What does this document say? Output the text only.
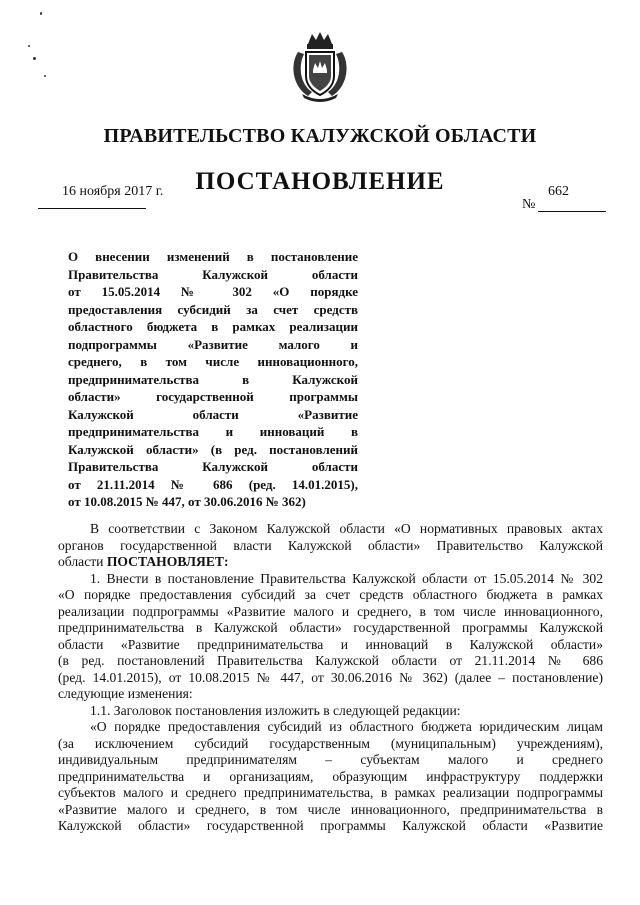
ПРАВИТЕЛЬСТВО КАЛУЖСКОЙ ОБЛАСТИ
ПОСТАНОВЛЕНИЕ
16 ноября 2017 г.	662
№
О внесении изменений в постановление
Правительства Калужской области
от 15.05.2014 № 302 «О порядке
предоставления субсидий за счет средств
областного бюджета в рамках реализации
подпрограммы «Развитие малого и
среднего, в том числе инновационного,
предпринимательства в Калужской
области» государственной программы
Калужской области «Развитие
предпринимательства и инноваций в
Калужской области» (в ред. постановлений
Правительства Калужской области
от 21.11.2014 № 686 (ред. 14.01.2015),
от 10.08.2015 № 447, от 30.06.2016 № 362)
В соответствии с Законом Калужской области «О нормативных правовых актах
органов государственной власти Калужской области» Правительство Калужской
области ПОСТАНОВЛЯЕТ:
1. Внести в постановление Правительства Калужской области от 15.05.2014 № 302
«О порядке предоставления субсидий за счет средств областного бюджета в рамках
реализации подпрограммы «Развитие малого и среднего, в том числе инновационного,
предпринимательства в Калужской области» государственной программы Калужской
области «Развитие предпринимательства и инноваций в Калужской области»
(в ред. постановлений Правительства Калужской области от 21.11.2014 № 686
(ред. 14.01.2015), от 10.08.2015 № 447, от 30.06.2016 № 362) (далее – постановление)
следующие изменения:
1.1. Заголовок постановления изложить в следующей редакции:
«О порядке предоставления субсидий из областного бюджета юридическим лицам
(за исключением субсидий государственным (муниципальным) учреждениям),
индивидуальным предпринимателям – субъектам малого и среднего
предпринимательства и организациям, образующим инфраструктуру поддержки
субъектов малого и среднего предпринимательства, в рамках реализации подпрограммы
«Развитие малого и среднего, в том числе инновационного, предпринимательства в
Калужской области» государственной программы Калужской области «Развитие
